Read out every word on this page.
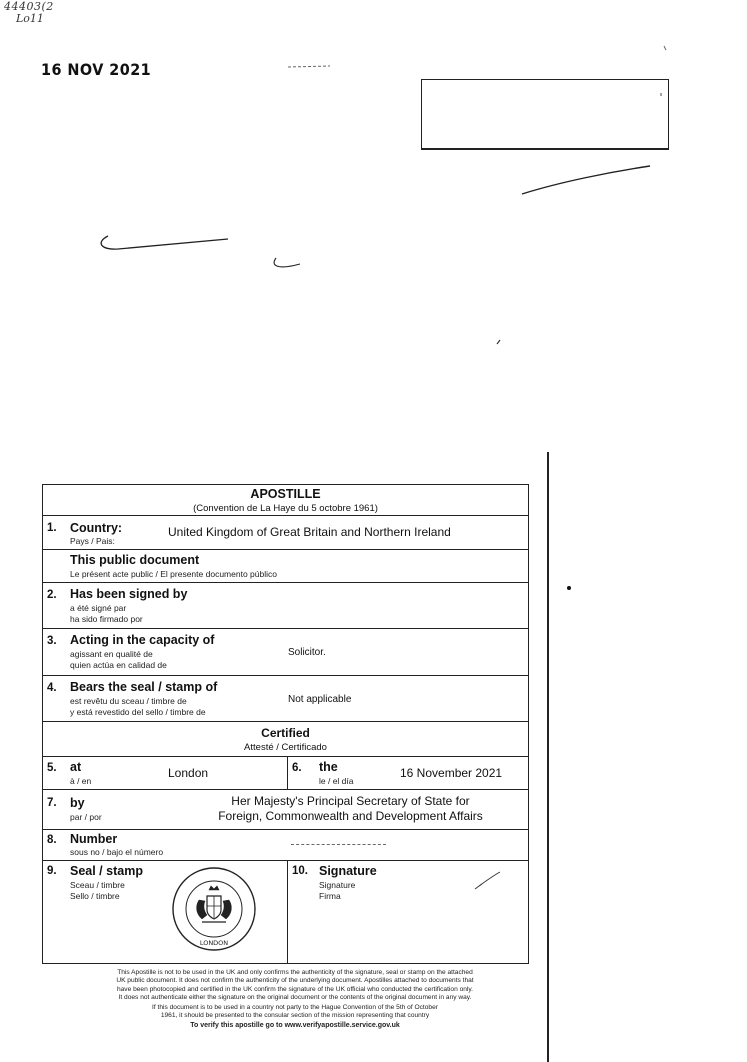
44403(2
Lo11
16 NOV 2021
APOSTILLE
(Convention de La Haye du 5 octobre 1961)
1. Country:
Pays / Pais:
United Kingdom of Great Britain and Northern Ireland
This public document
Le présent acte public / El presente documento público
2. Has been signed by
a été signé par
ha sido firmado por
3. Acting in the capacity of
agissant en qualité de
quien actúa en calidad de
Solicitor.
4. Bears the seal / stamp of
est revêtu du sceau / timbre de
y está revestido del sello / timbre de
Not applicable
Certified
Attesté / Certificado
5. at
à / en
London	6. the
le / el día
16 November 2021
7. by
par / por
Her Majesty's Principal Secretary of State for
Foreign, Commonwealth and Development Affairs
8. Number
sous no / bajo el número
9. Seal / stamp
Sceau / timbre
Sello / timbre
LONDON
10. Signature
Signature
Firma
This Apostille is not to be used in the UK and only confirms the authenticity of the signature, seal or stamp on the attached
UK public document. It does not confirm the authenticity of the underlying document. Apostilles attached to documents that
have been photocopied and certified in the UK confirm the signature of the UK official who conducted the certification only.
It does not authenticate either the signature on the original document or the contents of the original document in any way.
If this document is to be used in a country not party to the Hague Convention of the 5th of October
1961, it should be presented to the consular section of the mission representing that country
To verify this apostille go to www.verifyapostille.service.gov.uk
